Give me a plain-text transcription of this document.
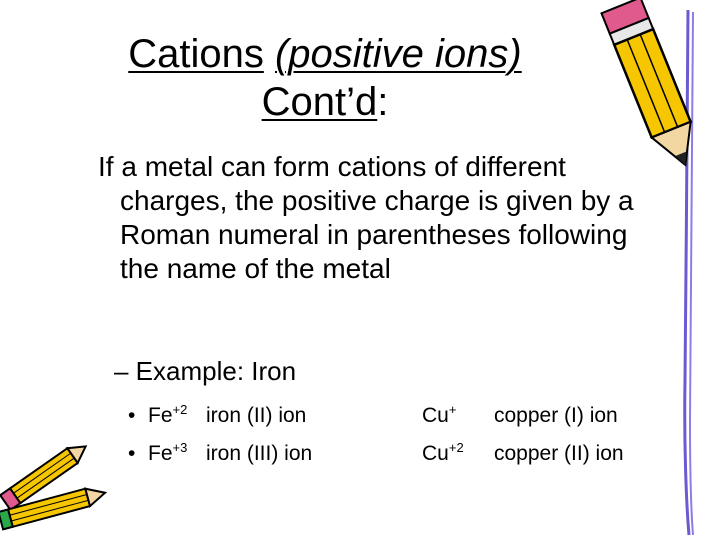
Cations (positive ions)
Cont’d:
If a metal can form cations of different charges, the positive charge is given by a Roman numeral in parentheses following the name of the metal
– Example: Iron
• $Fe^{+2}$ iron (II) ion
• $Fe^{+3}$ iron (III) ion
Cu+ copper (I) ion
$Cu^{+2}$ copper (II) ion
